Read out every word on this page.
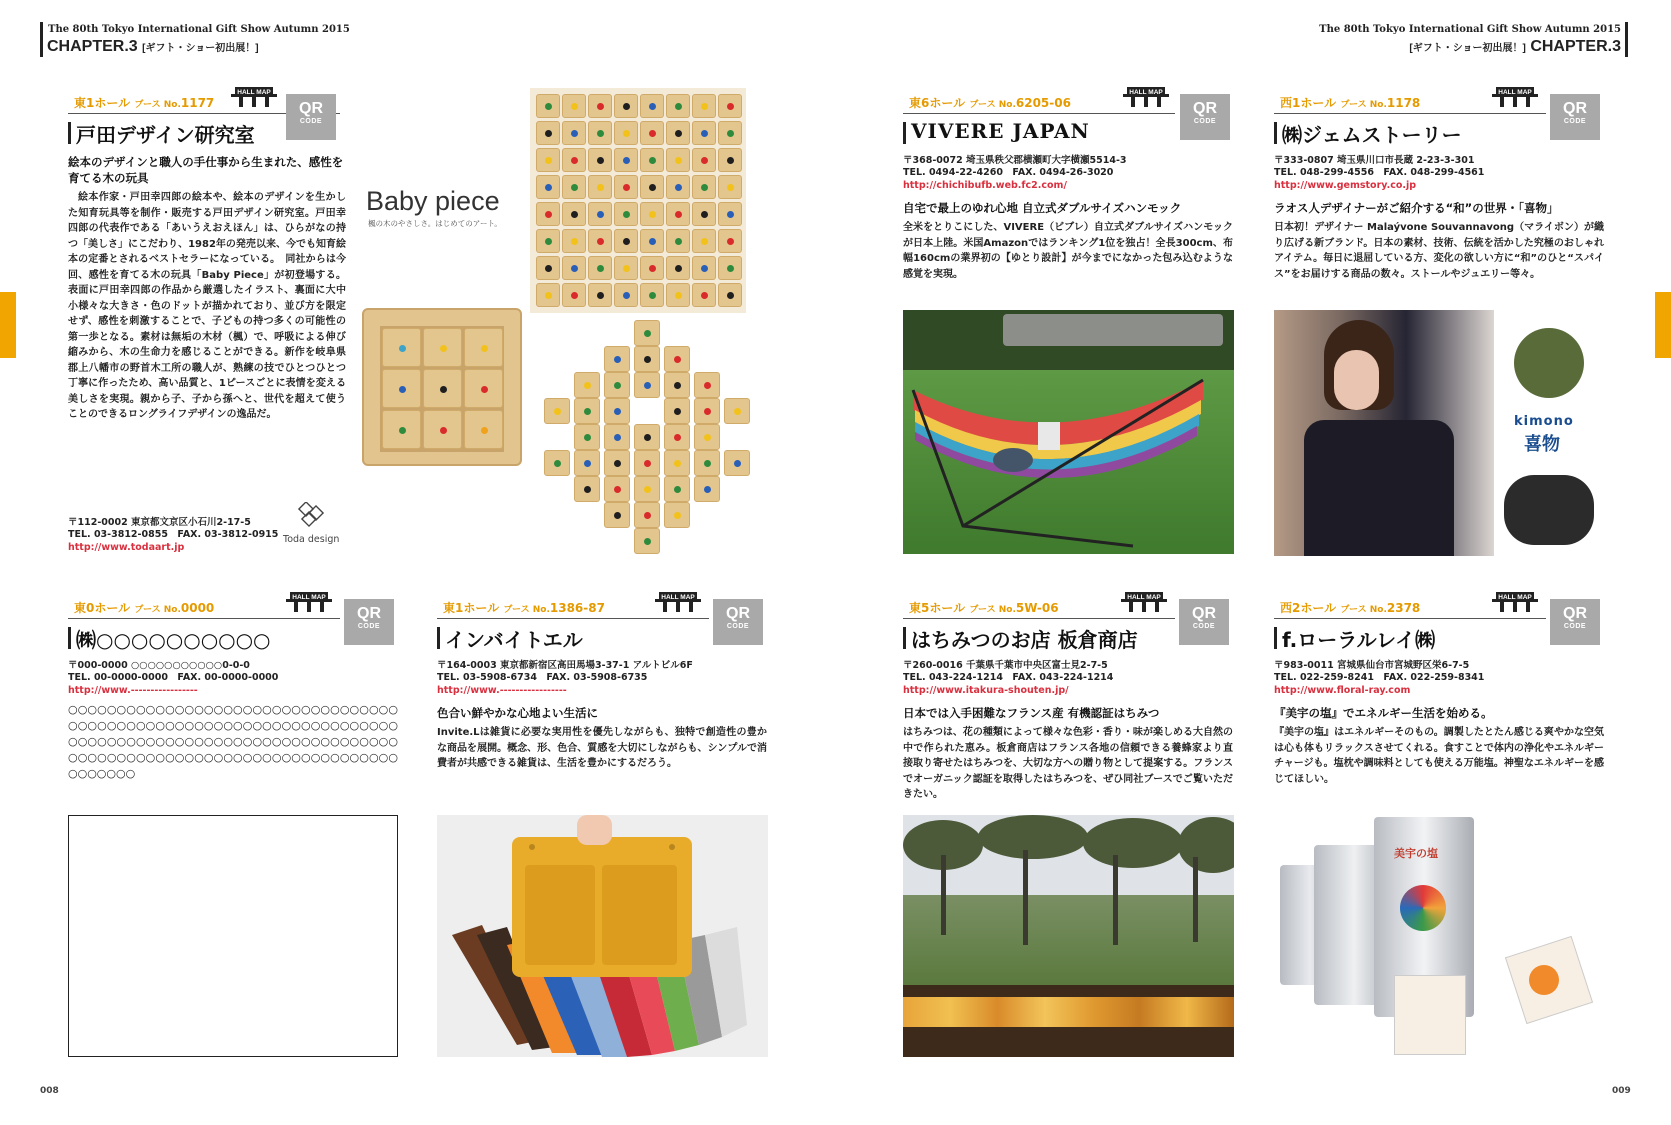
The 80th Tokyo International Gift Show Autumn 2015
CHAPTER.3 [ギフト・ショー初出展！]
The 80th Tokyo International Gift Show Autumn 2015
[ギフト・ショー初出展！] CHAPTER.3
008	009
東1ホール ブース No.1177	QR
CODE
戸田デザイン研究室
絵本のデザインと職人の手仕事から生まれた、感性を育てる木の玩具
絵本作家・戸田幸四郎の絵本や、絵本のデザインを生かした知育玩具等を制作・販売する戸田デザイン研究室。戸田幸四郎の代表作である「あいうえおえほん」は、ひらがなの持つ「美しさ」にこだわり、1982年の発売以来、今でも知育絵本の定番とされるベストセラーになっている。　同社からは今回、感性を育てる木の玩具「Baby Piece」が初登場する。表面に戸田幸四郎の作品から厳選したイラスト、裏面に大中小様々な大きさ・色のドットが描かれており、並び方を限定せず、感性を刺激することで、子どもの持つ多くの可能性の第一歩となる。素材は無垢の木材（楓）で、呼吸による伸び縮みから、木の生命力を感じることができる。新作を岐阜県郡上八幡市の野首木工所の職人が、熟練の技でひとつひとつ丁寧に作ったため、高い品質と、1ピースごとに表情を変える美しさを実現。親から子、子から孫へと、世代を超えて使うことのできるロングライフデザインの逸品だ。
〒112-0002 東京都文京区小石川2-17-5
TEL. 03-3812-0855　FAX. 03-3812-0915
http://www.todaart.jp
Toda design
Baby piece
楓の木のやさしさ。はじめてのアート。
東6ホール ブース No.6205-06	QR
CODE
VIVERE JAPAN
〒368-0072 埼玉県秩父郡横瀬町大字横瀬5514-3
TEL. 0494-22-4260　FAX. 0494-26-3020
http://chichibufb.web.fc2.com/
自宅で最上のゆれ心地 自立式ダブルサイズハンモック
全米をとりこにした、VIVERE（ビブレ）自立式ダブルサイズハンモックが日本上陸。米国Amazonではランキング1位を独占！全長300cm、布幅160cmの業界初の【ゆとり設計】が今までになかった包み込むような感覚を実現。
西1ホール ブース No.1178	QR
CODE
㈱ジェムストーリー
〒333-0807 埼玉県川口市長蔵 2-23-3-301
TEL. 048-299-4556　FAX. 048-299-4561
http://www.gemstory.co.jp
ラオス人デザイナーがご紹介する“和”の世界・「喜物」
日本初！デザイナー Malaývone Souvannavong（マライボン）が織り広げる新ブランド。日本の素材、技術、伝統を活かした究極のおしゃれアイテム。毎日に退屈している方、変化の欲しい方に“和”のひと“スパイス”をお届けする商品の数々。ストールやジュエリー等々。
kimono
喜物
東0ホール ブース No.0000	QR
CODE
㈱○○○○○○○○○○
〒000-0000 ○○○○○○○○○○○0-0-0
TEL. 00-0000-0000　FAX. 00-0000-0000
http://www.-----------------
○○○○○○○○○○○○○○○○○○○○○○○○○○○○○○○○○○○○○○○○○○○○○○○○○○○○○○○○○○○○○○○○○○○○○○○○○○○○○○○○○○○○○○○○○○○○○○○○○○○○○○○○○○○○○○○○○○○○○○○○○○○○○○○○○○○○○○○○○○○○○○○
東1ホール ブース No.1386-87	QR
CODE
インバイトエル
〒164-0003 東京都新宿区高田馬場3-37-1 アルトビル6F
TEL. 03-5908-6734　FAX. 03-5908-6735
http://www.-----------------
色合い鮮やかな心地よい生活に
Invite.Lは雑貨に必要な実用性を優先しながらも、独特で創造性の豊かな商品を展開。概念、形、色合、質感を大切にしながらも、シンプルで消費者が共感できる雑貨は、生活を豊かにするだろう。
東5ホール ブース No.5W-06	QR
CODE
はちみつのお店 板倉商店
〒260-0016 千葉県千葉市中央区富士見2-7-5
TEL. 043-224-1214　FAX. 043-224-1214
http://www.itakura-shouten.jp/
日本では入手困難なフランス産 有機認証はちみつ
はちみつは、花の種類によって様々な色彩・香り・味が楽しめる大自然の中で作られた恵み。板倉商店はフランス各地の信頼できる養蜂家より直接取り寄せたはちみつを、大切な方への贈り物として提案する。フランスでオーガニック認証を取得したはちみつを、ぜひ同社ブースでご覧いただきたい。
西2ホール ブース No.2378	QR
CODE
f.ローラルレイ㈱
〒983-0011 宮城県仙台市宮城野区栄6-7-5
TEL. 022-259-8241　FAX. 022-259-8341
http://www.floral-ray.com
『美宇の塩』でエネルギー生活を始める。
『美宇の塩』はエネルギーそのもの。調製したとたん感じる爽やかな空気は心も体もリラックスさせてくれる。食すことで体内の浄化やエネルギーチャージも。塩枕や調味料としても使える万能塩。神聖なエネルギーを感じてほしい。
美宇の塩
